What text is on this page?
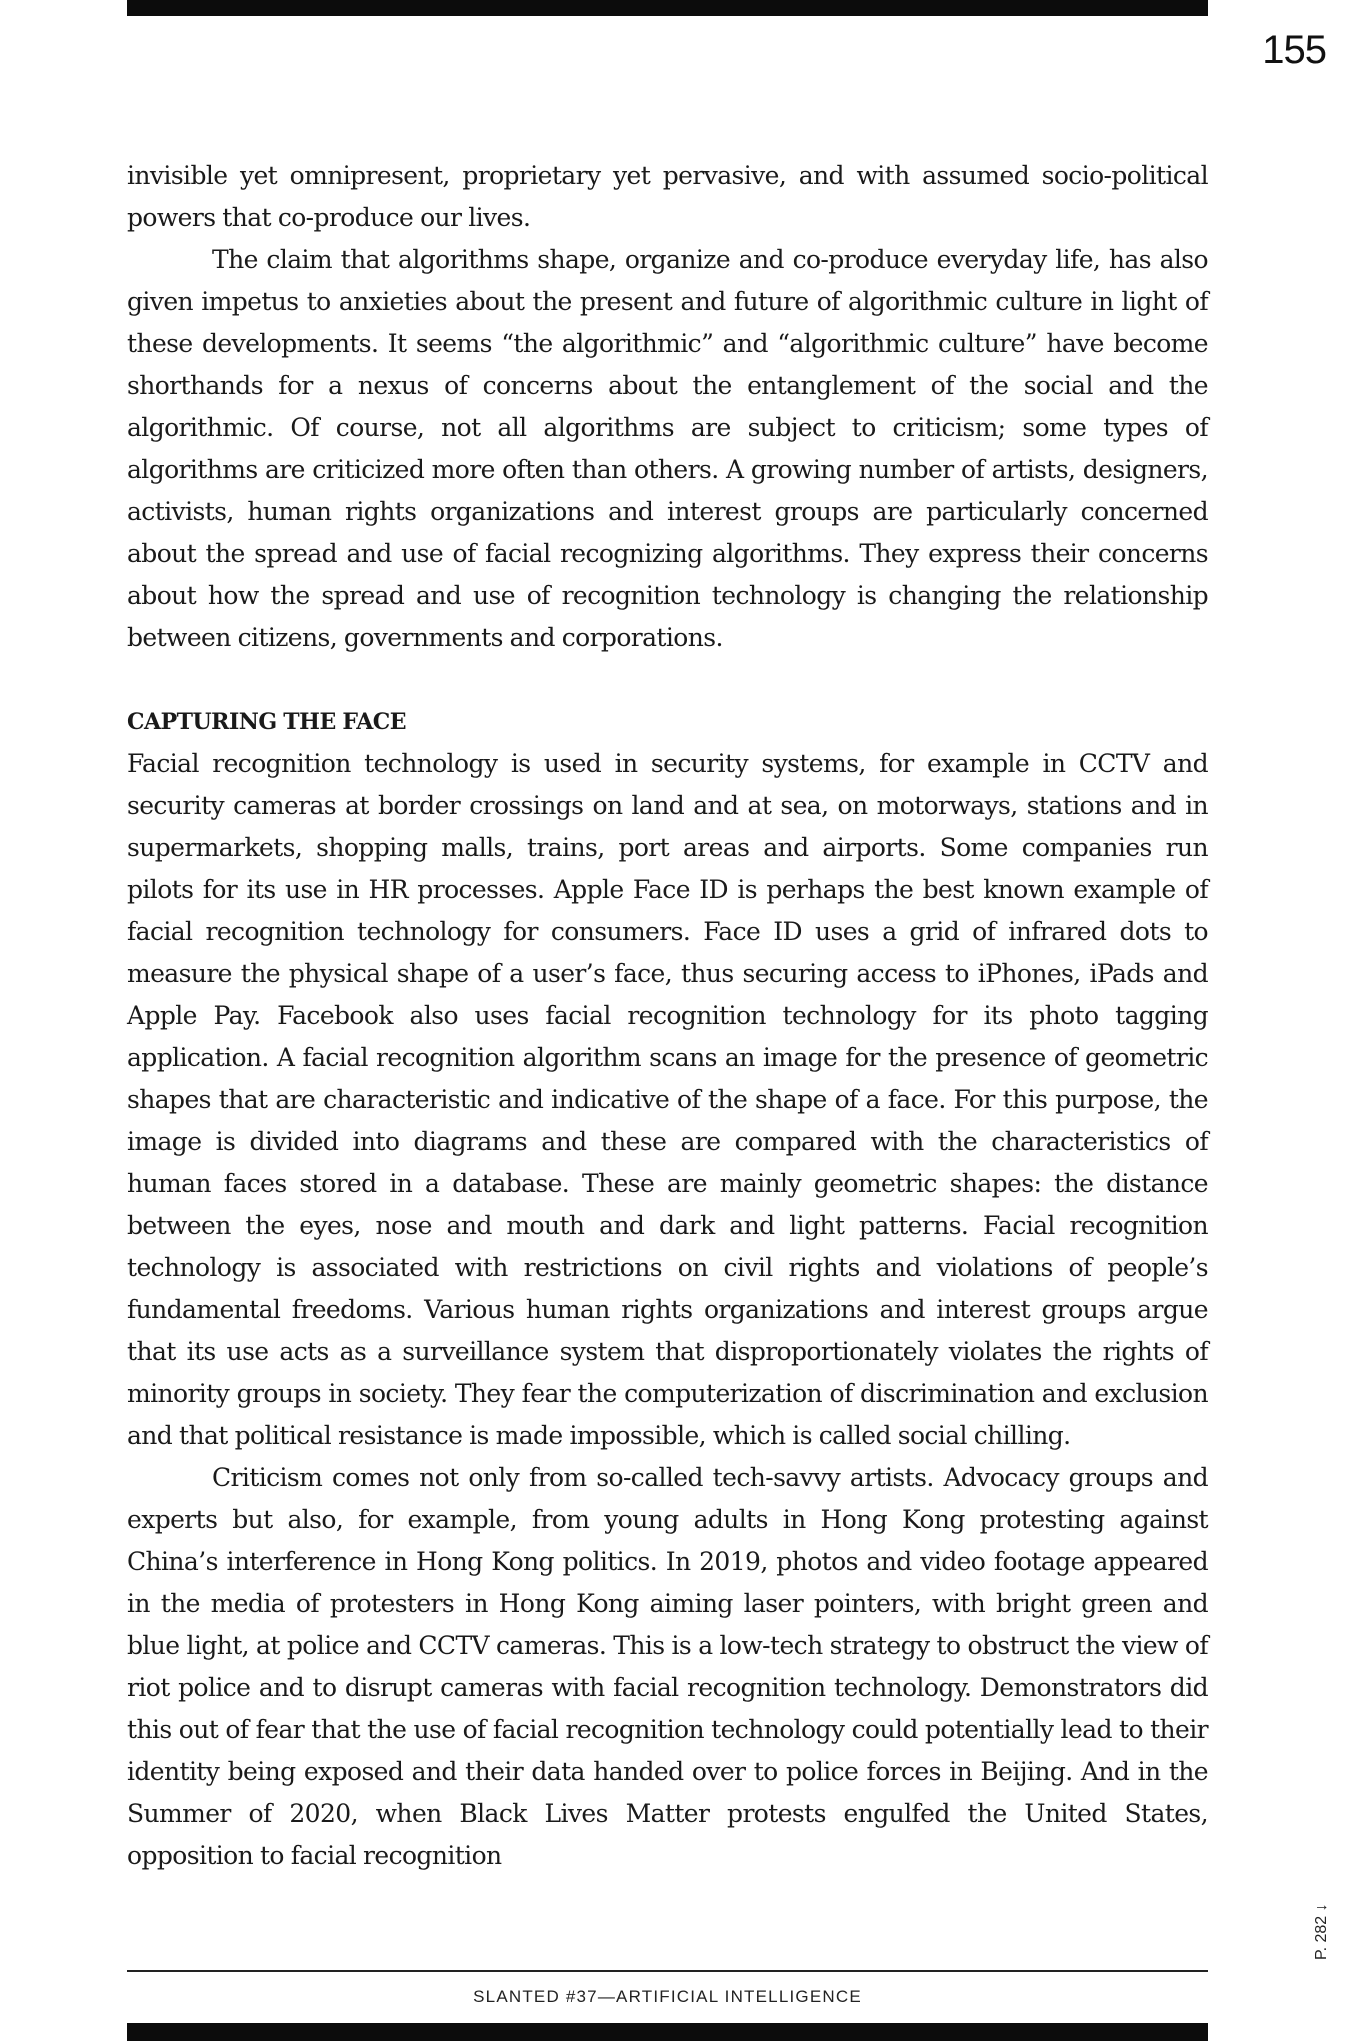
155

invisible yet omnipresent, proprietary yet pervasive, and with assumed socio-political powers that co-produce our lives.

The claim that algorithms shape, organize and co-produce everyday life, has also given impetus to anxieties about the present and future of algorithmic culture in light of these developments. It seems “the algorithmic” and “algorithmic culture” have become shorthands for a nexus of concerns about the entanglement of the social and the algorithmic. Of course, not all algorithms are subject to criticism; some types of algorithms are criticized more often than others. A growing number of artists, designers, activists, human rights organizations and interest groups are particularly concerned about the spread and use of facial recognizing algorithms. They express their concerns about how the spread and use of recognition technology is changing the relationship between citizens, governments and corporations.

CAPTURING THE FACE

Facial recognition technology is used in security systems, for example in CCTV and security cameras at border crossings on land and at sea, on motorways, stations and in supermarkets, shopping malls, trains, port areas and airports. Some companies run pilots for its use in HR processes. Apple Face ID is perhaps the best known example of facial recognition technology for consumers. Face ID uses a grid of infrared dots to measure the physical shape of a user’s face, thus securing access to iPhones, iPads and Apple Pay. Facebook also uses facial recognition technology for its photo tagging application. A facial recognition algorithm scans an image for the presence of geometric shapes that are characteristic and indicative of the shape of a face. For this purpose, the image is divided into diagrams and these are compared with the characteristics of human faces stored in a database. These are mainly geometric shapes: the distance between the eyes, nose and mouth and dark and light patterns. Facial recognition technology is associated with restrictions on civil rights and violations of people’s fundamental freedoms. Various human rights organizations and interest groups argue that its use acts as a surveillance system that disproportionately violates the rights of minority groups in society. They fear the computerization of discrimination and exclusion and that political resistance is made impossible, which is called social chilling.

Criticism comes not only from so-called tech-savvy artists. Advocacy groups and experts but also, for example, from young adults in Hong Kong protesting against China’s interference in Hong Kong politics. In 2019, photos and video footage appeared in the media of protesters in Hong Kong aiming laser pointers, with bright green and blue light, at police and CCTV cameras. This is a low-tech strategy to obstruct the view of riot police and to disrupt cameras with facial recognition technology. Demonstrators did this out of fear that the use of facial recognition technology could potentially lead to their identity being exposed and their data handed over to police forces in Beijing. And in the Summer of 2020, when Black Lives Matter protests engulfed the United States, opposition to facial recognition

P. 282 ↓
SLANTED #37—ARTIFICIAL INTELLIGENCE
